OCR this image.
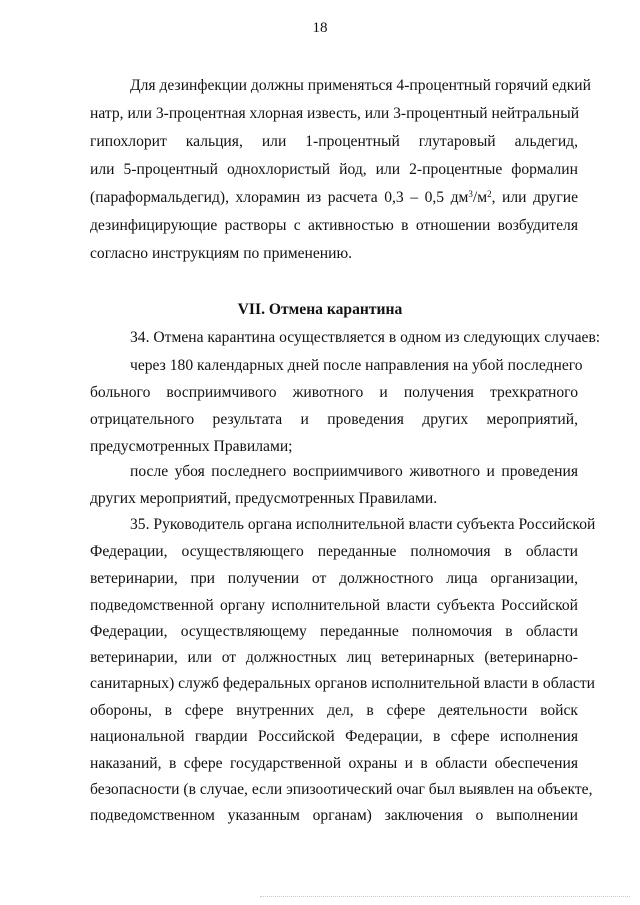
18
Для дезинфекции должны применяться 4-процентный горячий едкий
натр, или 3-процентная хлорная известь, или 3-процентный нейтральный
гипохлорит кальция, или 1-процентный глутаровый альдегид,
или 5-процентный однохлористый йод, или 2-процентные формалин
(параформальдегид), хлорамин из расчета 0,3 – 0,5 $дм^3/м^2$, или другие
дезинфицирующие растворы с активностью в отношении возбудителя
согласно инструкциям по применению.
VII. Отмена карантина
34. Отмена карантина осуществляется в одном из следующих случаев:
через 180 календарных дней после направления на убой последнего
больного восприимчивого животного и получения трехкратного
отрицательного результата и проведения других мероприятий,
предусмотренных Правилами;
после убоя последнего восприимчивого животного и проведения
других мероприятий, предусмотренных Правилами.
35. Руководитель органа исполнительной власти субъекта Российской
Федерации, осуществляющего переданные полномочия в области
ветеринарии, при получении от должностного лица организации,
подведомственной органу исполнительной власти субъекта Российской
Федерации, осуществляющему переданные полномочия в области
ветеринарии, или от должностных лиц ветеринарных (ветеринарно-
санитарных) служб федеральных органов исполнительной власти в области
обороны, в сфере внутренних дел, в сфере деятельности войск
национальной гвардии Российской Федерации, в сфере исполнения
наказаний, в сфере государственной охраны и в области обеспечения
безопасности (в случае, если эпизоотический очаг был выявлен на объекте,
подведомственном указанным органам) заключения о выполнении
